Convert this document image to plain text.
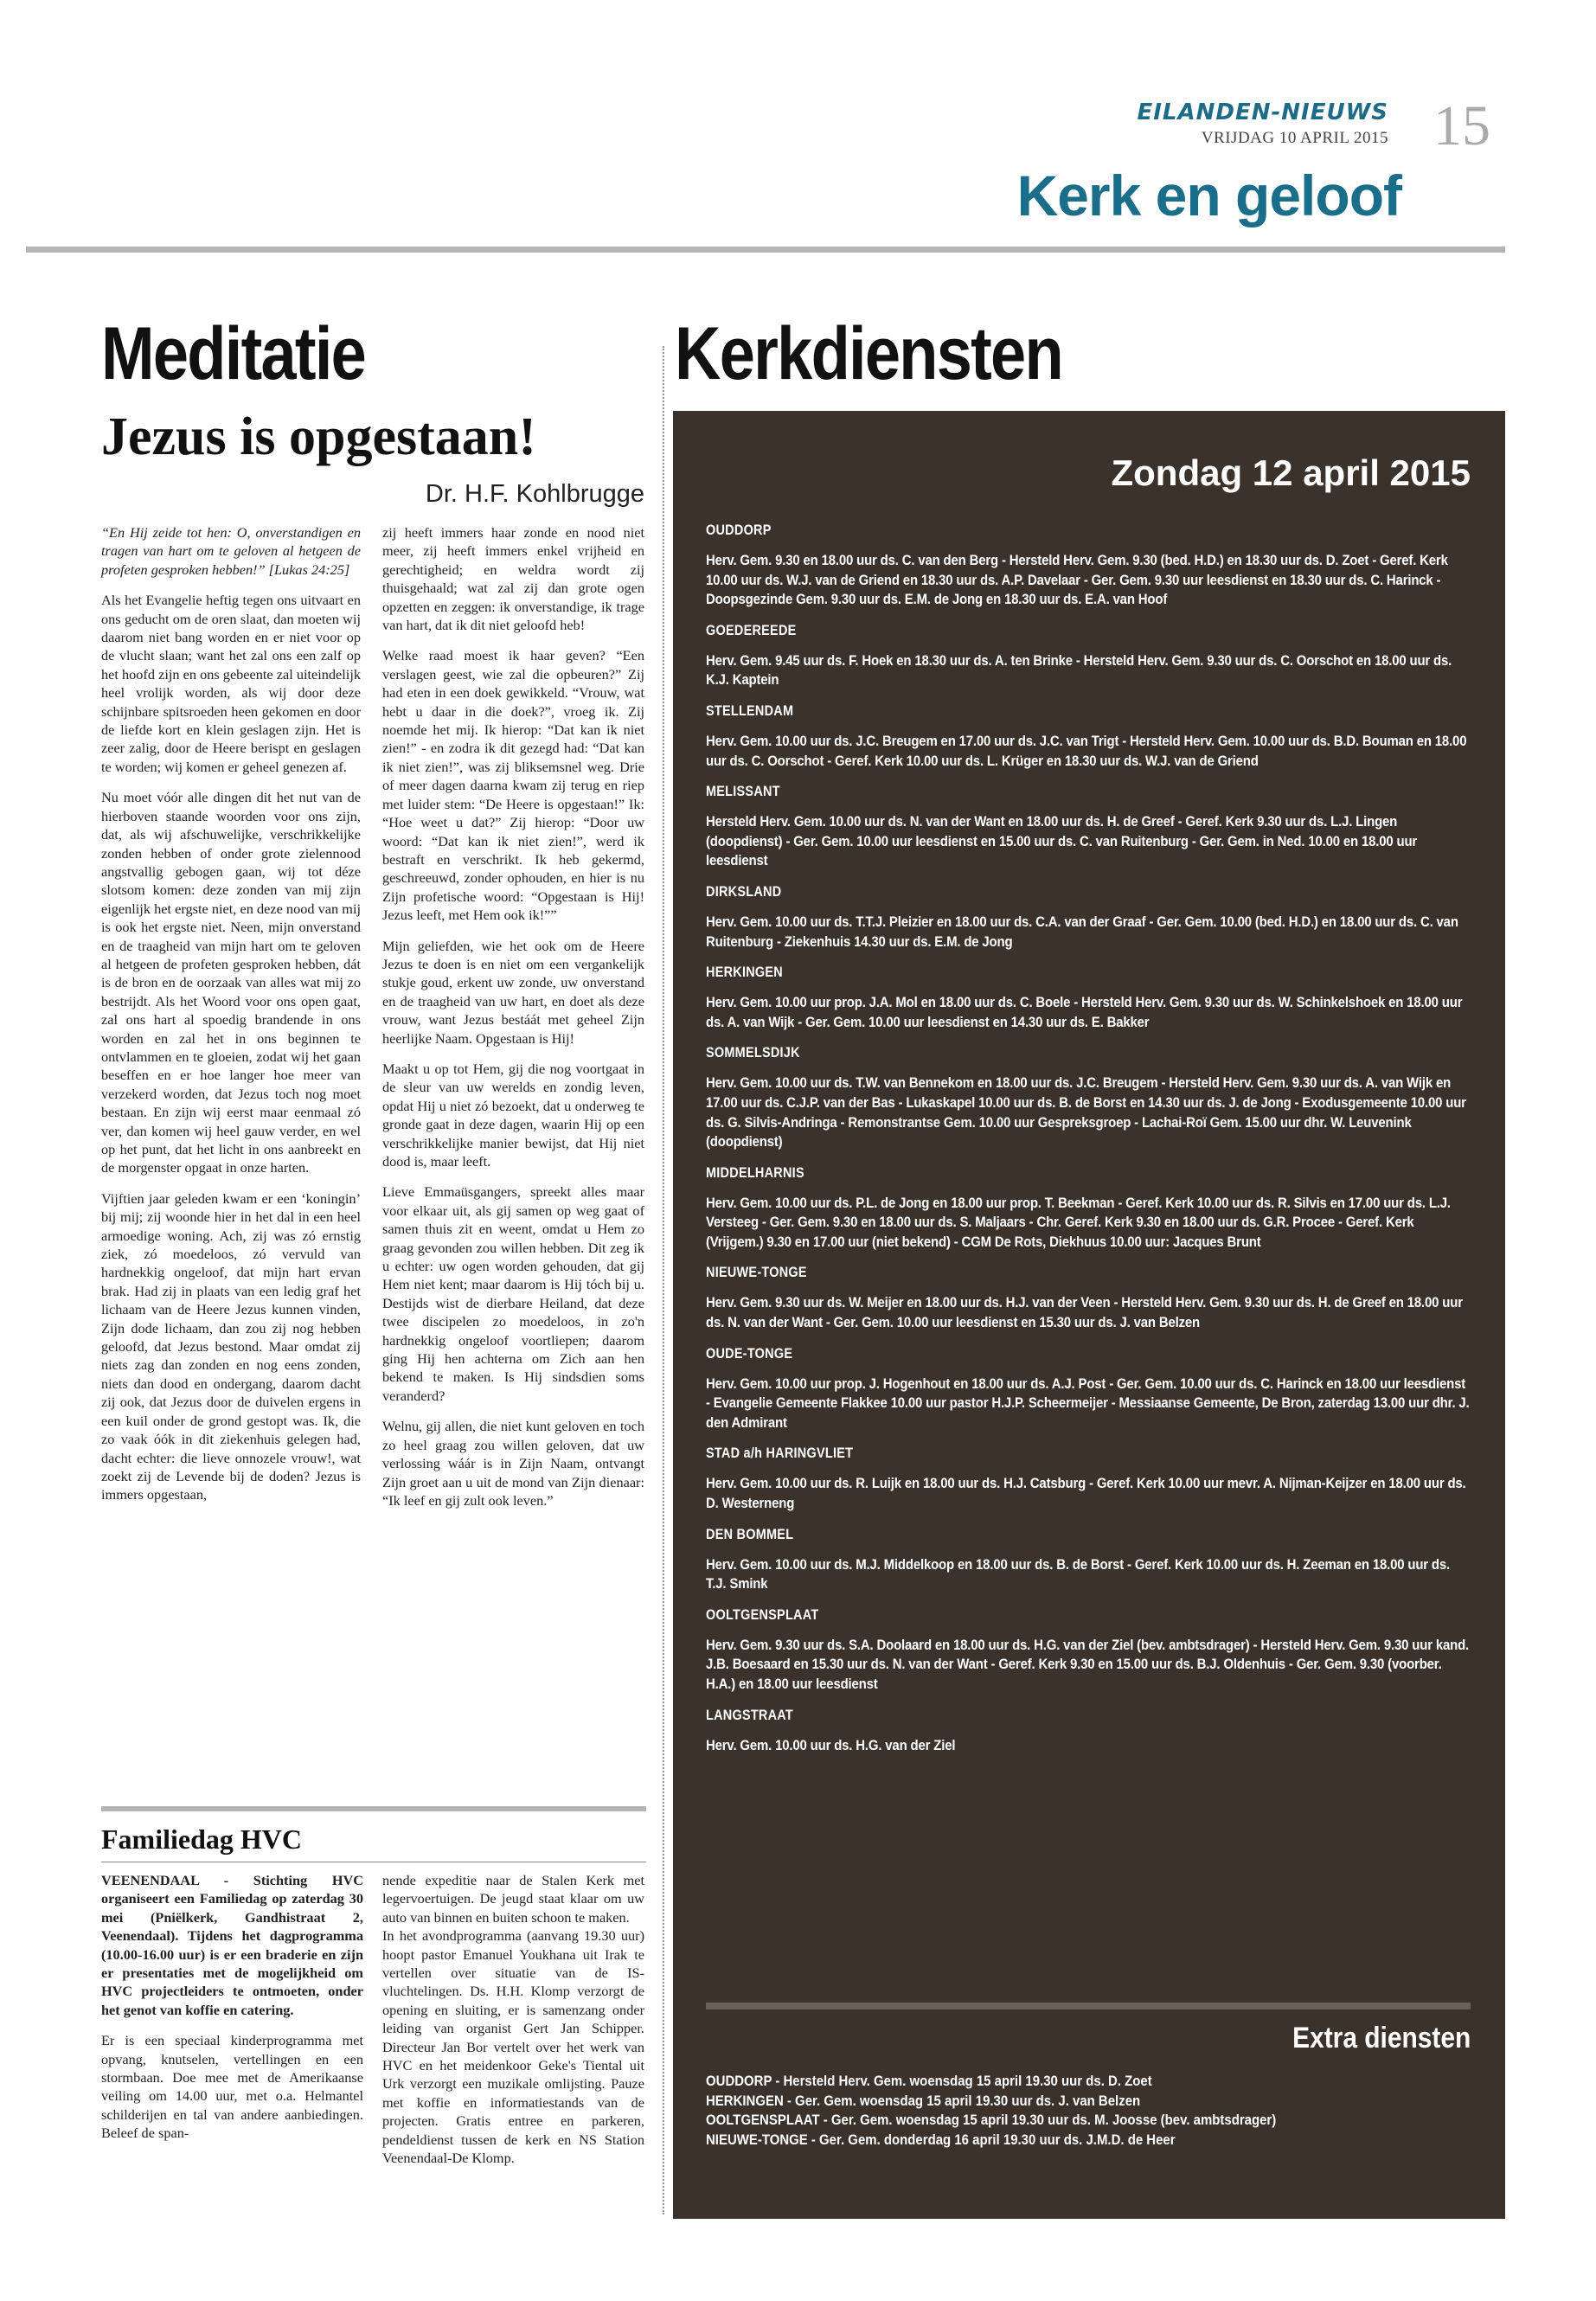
EILANDEN-NIEUWS
VRIJDAG 10 APRIL 2015 15
Kerk en geloof
Meditatie
Jezus is opgestaan!
Dr. H.F. Kohlbrugge

“En Hij zeide tot hen: O, onverstandigen en tragen van hart om te geloven al hetgeen de profeten gesproken hebben!” [Lukas 24:25]

Als het Evangelie heftig tegen ons uitvaart en ons geducht om de oren slaat, dan moeten wij daarom niet bang worden en er niet voor op de vlucht slaan; want het zal ons een zalf op het hoofd zijn en ons gebeente zal uiteindelijk heel vrolijk worden, als wij door deze schijnbare spitsroeden heen gekomen en door de liefde kort en klein geslagen zijn. Het is zeer zalig, door de Heere berispt en geslagen te worden; wij komen er geheel genezen af.

Nu moet vóór alle dingen dit het nut van de hierboven staande woorden voor ons zijn, dat, als wij afschuwelijke, verschrikkelijke zonden hebben of onder grote zielennood angstvallig gebogen gaan, wij tot déze slotsom komen: deze zonden van mij zijn eigenlijk het ergste niet, en deze nood van mij is ook het ergste niet. Neen, mijn onverstand en de traagheid van mijn hart om te geloven al hetgeen de profeten gesproken hebben, dát is de bron en de oorzaak van alles wat mij zo bestrijdt. Als het Woord voor ons open gaat, zal ons hart al spoedig brandende in ons worden en zal het in ons beginnen te ontvlammen en te gloeien, zodat wij het gaan beseffen en er hoe langer hoe meer van verzekerd worden, dat Jezus toch nog moet bestaan. En zijn wij eerst maar eenmaal zó ver, dan komen wij heel gauw verder, en wel op het punt, dat het licht in ons aanbreekt en de morgenster opgaat in onze harten.

Vijftien jaar geleden kwam er een ‘koningin’ bij mij; zij woonde hier in het dal in een heel armoedige woning. Ach, zij was zó ernstig ziek, zó moedeloos, zó vervuld van hardnekkig ongeloof, dat mijn hart ervan brak. Had zij in plaats van een ledig graf het lichaam van de Heere Jezus kunnen vinden, Zijn dode lichaam, dan zou zij nog hebben geloofd, dat Jezus bestond. Maar omdat zij niets zag dan zonden en nog eens zonden, niets dan dood en ondergang, daarom dacht zij ook, dat Jezus door de duivelen ergens in een kuil onder de grond gestopt was. Ik, die zo vaak óók in dit ziekenhuis gelegen had, dacht echter: die lieve onnozele vrouw!, wat zoekt zij de Levende bij de doden? Jezus is immers opgestaan,

zij heeft immers haar zonde en nood niet meer, zij heeft immers enkel vrijheid en gerechtigheid; en weldra wordt zij thuisgehaald; wat zal zij dan grote ogen opzetten en zeggen: ik onverstandige, ik trage van hart, dat ik dit niet geloofd heb!

Welke raad moest ik haar geven? “Een verslagen geest, wie zal die opbeuren?” Zij had eten in een doek gewikkeld. “Vrouw, wat hebt u daar in die doek?”, vroeg ik. Zij noemde het mij. Ik hierop: “Dat kan ik niet zien!” - en zodra ik dit gezegd had: “Dat kan ik niet zien!”, was zij bliksemsnel weg. Drie of meer dagen daarna kwam zij terug en riep met luider stem: “De Heere is opgestaan!” Ik: “Hoe weet u dat?” Zij hierop: “Door uw woord: “Dat kan ik niet zien!”, werd ik bestraft en verschrikt. Ik heb gekermd, geschreeuwd, zonder ophouden, en hier is nu Zijn profetische woord: “Opgestaan is Hij! Jezus leeft, met Hem ook ik!””

Mijn geliefden, wie het ook om de Heere Jezus te doen is en niet om een vergankelijk stukje goud, erkent uw zonde, uw onverstand en de traagheid van uw hart, en doet als deze vrouw, want Jezus bestáát met geheel Zijn heerlijke Naam. Opgestaan is Hij!

Maakt u op tot Hem, gij die nog voortgaat in de sleur van uw werelds en zondig leven, opdat Hij u niet zó bezoekt, dat u onderweg te gronde gaat in deze dagen, waarin Hij op een verschrikkelijke manier bewijst, dat Hij niet dood is, maar leeft.

Lieve Emmaüsgangers, spreekt alles maar voor elkaar uit, als gij samen op weg gaat of samen thuis zit en weent, omdat u Hem zo graag gevonden zou willen hebben. Dit zeg ik u echter: uw ogen worden gehouden, dat gij Hem niet kent; maar daarom is Hij tóch bij u. Destijds wist de dierbare Heiland, dat deze twee discipelen zo moedeloos, in zo'n hardnekkig ongeloof voortliepen; daarom ging Hij hen achterna om Zich aan hen bekend te maken. Is Hij sindsdien soms veranderd?

Welnu, gij allen, die niet kunt geloven en toch zo heel graag zou willen geloven, dat uw verlossing wáár is in Zijn Naam, ontvangt Zijn groet aan u uit de mond van Zijn dienaar: “Ik leef en gij zult ook leven.”

Familiedag HVC

VEENENDAAL - Stichting HVC organiseert een Familiedag op zaterdag 30 mei (Pniëlkerk, Gandhistraat 2, Veenendaal). Tijdens het dagprogramma (10.00-16.00 uur) is er een braderie en zijn er presentaties met de mogelijkheid om HVC projectleiders te ontmoeten, onder het genot van koffie en catering.

Er is een speciaal kinderprogramma met opvang, knutselen, vertellingen en een stormbaan. Doe mee met de Amerikaanse veiling om 14.00 uur, met o.a. Helmantel schilderijen en tal van andere aanbiedingen. Beleef de span-

nende expeditie naar de Stalen Kerk met legervoertuigen. De jeugd staat klaar om uw auto van binnen en buiten schoon te maken.

In het avondprogramma (aanvang 19.30 uur) hoopt pastor Emanuel Youkhana uit Irak te vertellen over situatie van de IS-vluchtelingen. Ds. H.H. Klomp verzorgt de opening en sluiting, er is samenzang onder leiding van organist Gert Jan Schipper. Directeur Jan Bor vertelt over het werk van HVC en het meidenkoor Geke's Tiental uit Urk verzorgt een muzikale omlijsting. Pauze met koffie en informatiestands van de projecten. Gratis entree en parkeren, pendeldienst tussen de kerk en NS Station Veenendaal-De Klomp.

Kerkdiensten
Zondag 12 april 2015
OUDDORP
Herv. Gem. 9.30 en 18.00 uur ds. C. van den Berg - Hersteld Herv. Gem. 9.30 (bed. H.D.) en 18.30 uur ds. D. Zoet - Geref. Kerk 10.00 uur ds. W.J. van de Griend en 18.30 uur ds. A.P. Davelaar - Ger. Gem. 9.30 uur leesdienst en 18.30 uur ds. C. Harinck - Doopsgezinde Gem. 9.30 uur ds. E.M. de Jong en 18.30 uur ds. E.A. van Hoof
GOEDEREEDE
Herv. Gem. 9.45 uur ds. F. Hoek en 18.30 uur ds. A. ten Brinke - Hersteld Herv. Gem. 9.30 uur ds. C. Oorschot en 18.00 uur ds. K.J. Kaptein
STELLENDAM
Herv. Gem. 10.00 uur ds. J.C. Breugem en 17.00 uur ds. J.C. van Trigt - Hersteld Herv. Gem. 10.00 uur ds. B.D. Bouman en 18.00 uur ds. C. Oorschot - Geref. Kerk 10.00 uur ds. L. Krüger en 18.30 uur ds. W.J. van de Griend
MELISSANT
Hersteld Herv. Gem. 10.00 uur ds. N. van der Want en 18.00 uur ds. H. de Greef - Geref. Kerk 9.30 uur ds. L.J. Lingen (doopdienst) - Ger. Gem. 10.00 uur leesdienst en 15.00 uur ds. C. van Ruitenburg - Ger. Gem. in Ned. 10.00 en 18.00 uur leesdienst
DIRKSLAND
Herv. Gem. 10.00 uur ds. T.T.J. Pleizier en 18.00 uur ds. C.A. van der Graaf - Ger. Gem. 10.00 (bed. H.D.) en 18.00 uur ds. C. van Ruitenburg - Ziekenhuis 14.30 uur ds. E.M. de Jong
HERKINGEN
Herv. Gem. 10.00 uur prop. J.A. Mol en 18.00 uur ds. C. Boele - Hersteld Herv. Gem. 9.30 uur ds. W. Schinkelshoek en 18.00 uur ds. A. van Wijk - Ger. Gem. 10.00 uur leesdienst en 14.30 uur ds. E. Bakker
SOMMELSDIJK
Herv. Gem. 10.00 uur ds. T.W. van Bennekom en 18.00 uur ds. J.C. Breugem - Hersteld Herv. Gem. 9.30 uur ds. A. van Wijk en 17.00 uur ds. C.J.P. van der Bas - Lukaskapel 10.00 uur ds. B. de Borst en 14.30 uur ds. J. de Jong - Exodusgemeente 10.00 uur ds. G. Silvis-Andringa - Remonstrantse Gem. 10.00 uur Gespreksgroep - Lachai-Roï Gem. 15.00 uur dhr. W. Leuvenink (doopdienst)
MIDDELHARNIS
Herv. Gem. 10.00 uur ds. P.L. de Jong en 18.00 uur prop. T. Beekman - Geref. Kerk 10.00 uur ds. R. Silvis en 17.00 uur ds. L.J. Versteeg - Ger. Gem. 9.30 en 18.00 uur ds. S. Maljaars - Chr. Geref. Kerk 9.30 en 18.00 uur ds. G.R. Procee - Geref. Kerk (Vrijgem.) 9.30 en 17.00 uur (niet bekend) - CGM De Rots, Diekhuus 10.00 uur: Jacques Brunt
NIEUWE-TONGE
Herv. Gem. 9.30 uur ds. W. Meijer en 18.00 uur ds. H.J. van der Veen - Hersteld Herv. Gem. 9.30 uur ds. H. de Greef en 18.00 uur ds. N. van der Want - Ger. Gem. 10.00 uur leesdienst en 15.30 uur ds. J. van Belzen
OUDE-TONGE
Herv. Gem. 10.00 uur prop. J. Hogenhout en 18.00 uur ds. A.J. Post - Ger. Gem. 10.00 uur ds. C. Harinck en 18.00 uur leesdienst - Evangelie Gemeente Flakkee 10.00 uur pastor H.J.P. Scheermeijer - Messiaanse Gemeente, De Bron, zaterdag 13.00 uur dhr. J. den Admirant
STAD a/h HARINGVLIET
Herv. Gem. 10.00 uur ds. R. Luijk en 18.00 uur ds. H.J. Catsburg - Geref. Kerk 10.00 uur mevr. A. Nijman-Keijzer en 18.00 uur ds. D. Westerneng
DEN BOMMEL
Herv. Gem. 10.00 uur ds. M.J. Middelkoop en 18.00 uur ds. B. de Borst - Geref. Kerk 10.00 uur ds. H. Zeeman en 18.00 uur ds. T.J. Smink
OOLTGENSPLAAT
Herv. Gem. 9.30 uur ds. S.A. Doolaard en 18.00 uur ds. H.G. van der Ziel (bev. ambtsdrager) - Hersteld Herv. Gem. 9.30 uur kand. J.B. Boesaard en 15.30 uur ds. N. van der Want - Geref. Kerk 9.30 en 15.00 uur ds. B.J. Oldenhuis - Ger. Gem. 9.30 (voorber. H.A.) en 18.00 uur leesdienst
LANGSTRAAT
Herv. Gem. 10.00 uur ds. H.G. van der Ziel
Extra diensten
OUDDORP - Hersteld Herv. Gem. woensdag 15 april 19.30 uur ds. D. Zoet
HERKINGEN - Ger. Gem. woensdag 15 april 19.30 uur ds. J. van Belzen
OOLTGENSPLAAT - Ger. Gem. woensdag 15 april 19.30 uur ds. M. Joosse (bev. ambtsdrager)
NIEUWE-TONGE - Ger. Gem. donderdag 16 april 19.30 uur ds. J.M.D. de Heer
